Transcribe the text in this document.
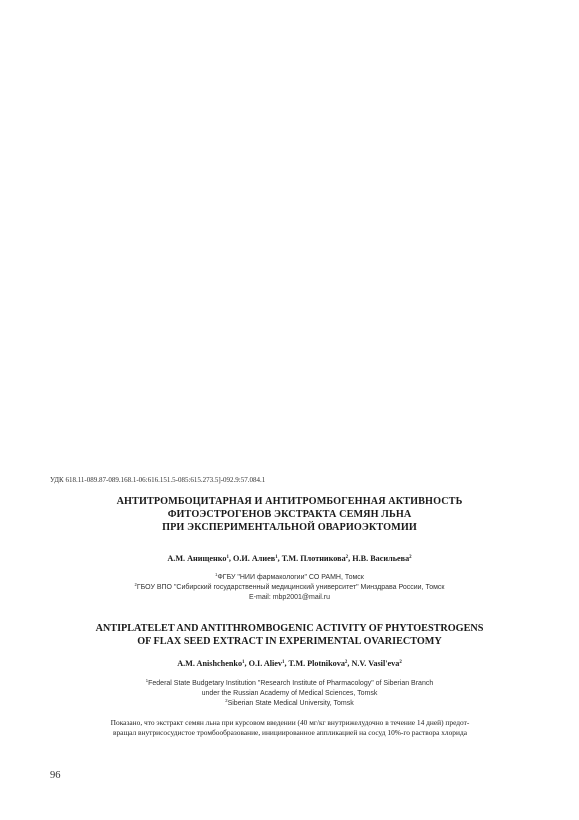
УДК 618.11-089.87-089.168.1-06:616.151.5-085:615.273.5]-092.9:57.084.1
АНТИТРОМБОЦИТАРНАЯ И АНТИТРОМБОГЕННАЯ АКТИВНОСТЬ
ФИТОЭСТРОГЕНОВ ЭКСТРАКТА СЕМЯН ЛЬНА
ПРИ ЭКСПЕРИМЕНТАЛЬНОЙ ОВАРИОЭКТОМИИ
А.М. Анищенко$^1$, О.И. Алиев$^1$, Т.М. Плотникова$^2$, Н.В. Васильева$^2$
$^1$ФГБУ "НИИ фармакологии" СО РАМН, Томск
$^2$ГБОУ ВПО "Сибирский государственный медицинский университет" Минздрава России, Томск
E-mail: mbp2001@mail.ru
ANTIPLATELET AND ANTITHROMBOGENIC ACTIVITY OF PHYTOESTROGENS
OF FLAX SEED EXTRACT IN EXPERIMENTAL OVARIECTOMY
A.M. Anishchenko$^1$, O.I. Aliev$^1$, T.M. Plotnikova$^2$, N.V. Vasil'eva$^2$
$^1$Federal State Budgetary Institution "Research Institute of Pharmacology" of Siberian Branch
under the Russian Academy of Medical Sciences, Tomsk
$^2$Siberian State Medical University, Tomsk
Показано, что экстракт семян льна при курсовом введении (40 мг/кг внутрижелудочно в течение 14 дней) предот-
вращал внутрисосудистое тромбообразование, инициированное аппликацией на сосуд 10%-го раствора хлорида
96
